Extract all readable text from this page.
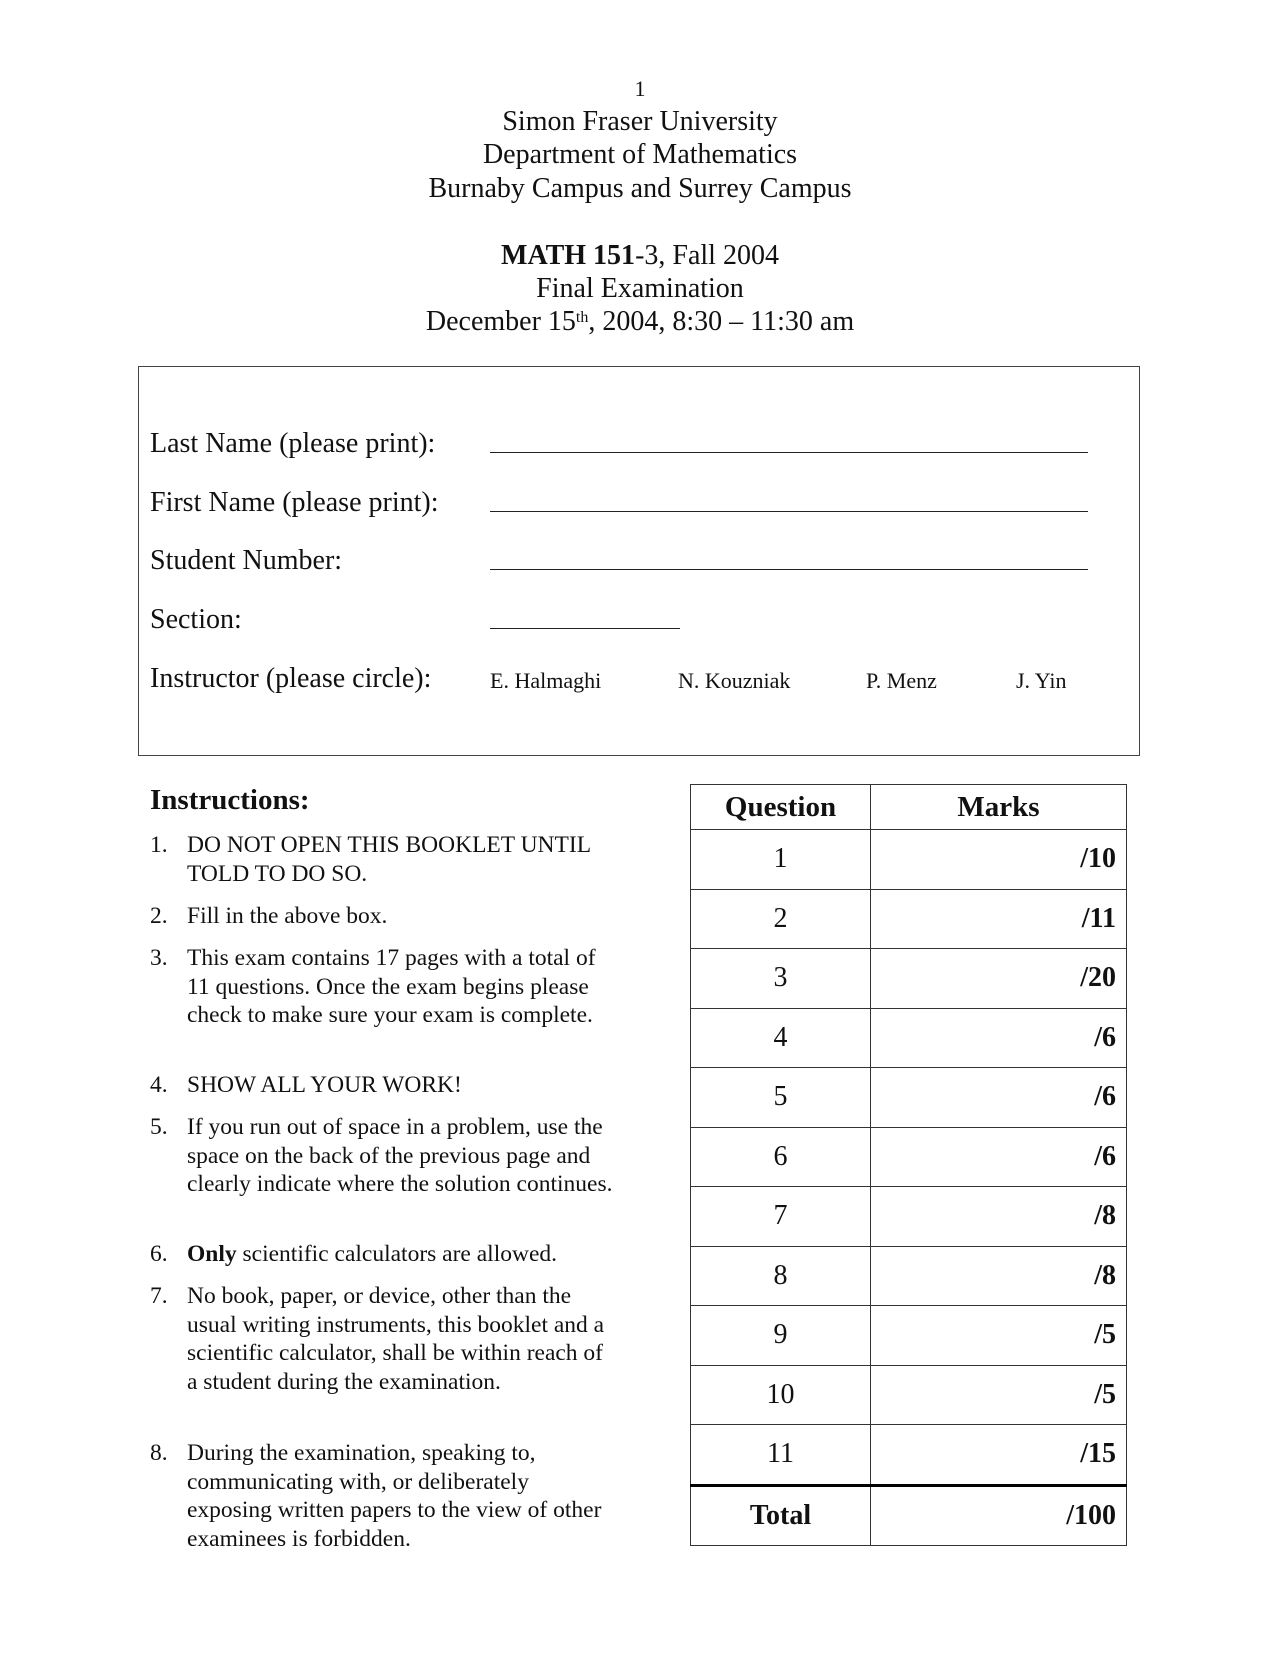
1
Simon Fraser University
Department of Mathematics
Burnaby Campus and Surrey Campus
MATH 151-3, Fall 2004
Final Examination
December 15th, 2004, 8:30 – 11:30 am
Last Name (please print):
First Name (please print):
Student Number:
Section:
Instructor (please circle):	E. Halmaghi	N. Kouzniak	P. Menz	J. Yin
Instructions:
1. DO NOT OPEN THIS BOOKLET UNTIL TOLD TO DO SO.
2. Fill in the above box.
3. This exam contains 17 pages with a total of 11 questions. Once the exam begins please check to make sure your exam is complete.
4. SHOW ALL YOUR WORK!
5. If you run out of space in a problem, use the space on the back of the previous page and clearly indicate where the solution continues.
6. Only scientific calculators are allowed.
7. No book, paper, or device, other than the usual writing instruments, this booklet and a scientific calculator, shall be within reach of a student during the examination.
8. During the examination, speaking to, communicating with, or deliberately exposing written papers to the view of other examinees is forbidden.
Question	Marks
1	/10
2	/11
3	/20
4	/6
5	/6
6	/6
7	/8
8	/8
9	/5
10	/5
11	/15
Total	/100
